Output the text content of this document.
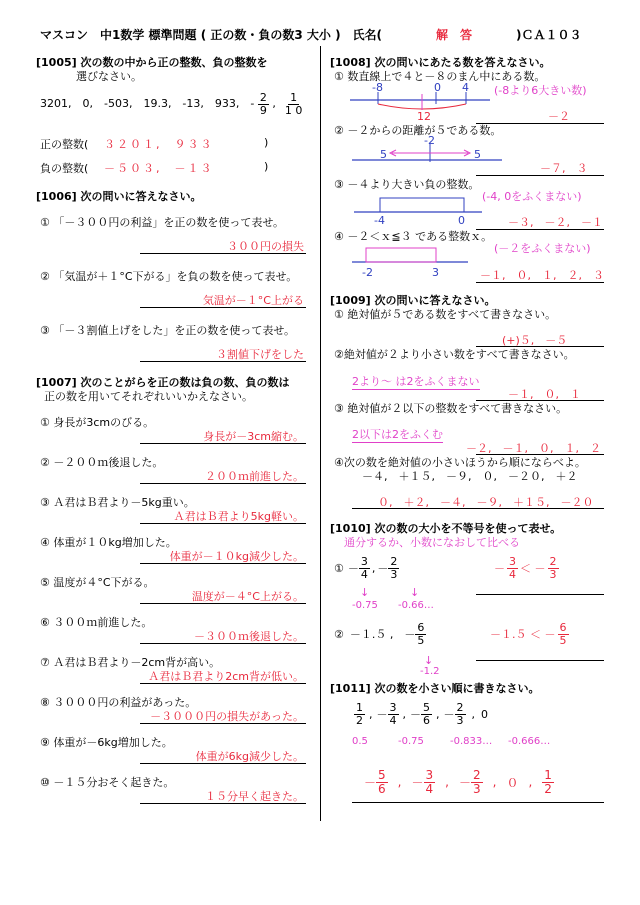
マスコン　中1数学 標準問題 ( 正の数・負の数3 大小 )　氏名(	解　答	)ＣＡ１０３
[1005] 次の数の中から正の整数、負の整数を
選びなさい。
3201,　0,　-503,　19.3,　-13,　933,　- $\frac{2}{9}$ , $\frac{1}{1 0}$
正の整数( ３２０１,　９３３	)
負の整数( －５０３,　－１３	)
[1006] 次の問いに答えなさい。
① 「－３００円の利益」を正の数を使って表せ。
３００円の損失
② 「気温が＋１°C下がる」を負の数を使って表せ。
気温が－１°C上がる
③ 「－３割値上げをした」を正の数を使って表せ。
３割値下げをした
[1007] 次のことがらを正の数は負の数、負の数は
正の数を用いてそれぞれいいかえなさい。
① 身長が3cmのびる。
身長が－3cm縮む。
② －２００ｍ後退した。
２００ｍ前進した。
③ Ａ君はＢ君より－5kg重い。
Ａ君はＢ君より5kg軽い。
④ 体重が１０kg増加した。
体重が－１０kg減少した。
⑤ 温度が４°C下がる。
温度が－４°C上がる。
⑥ ３００ｍ前進した。
－３００ｍ後退した。
⑦ Ａ君はＢ君より－2cm背が高い。
Ａ君はＢ君より2cm背が低い。
⑧ ３０００円の利益があった。
－３０００円の損失があった。
⑨ 体重が－6kg増加した。
体重が6kg減少した。
⑩ －１５分おそく起きた。
１５分早く起きた。
[1008] 次の問いにあたる数を答えなさい。
① 数直線上で４と－８のまん中にある数。
-8	0 4
12
(-8より6大きい数)
－２
② －２からの距離が５である数。
-2
5	5
－７,　３
③ －４より大きい負の整数。
-4	0
(-4, 0をふくまない)
－３,　－２,　－１
④ －２＜ｘ≦３ である整数ｘ。
-2	3
(－２をふくまない)
－１,　０,　１,　２,　３
[1009] 次の問いに答えなさい。
① 絶対値が５である数をすべて書きなさい。
(+)５,　－５
②絶対値が２より小さい数をすべて書きなさい。
2より～ は2をふくまない
－１,　０,　１
③ 絶対値が２以下の整数をすべて書きなさい。
2以下は2をふくむ
－２,　－１,　０,　１,　２
④次の数を絶対値の小さいほうから順にならべよ。
－４,　＋１５,　－９,　０,　－２０,　＋２
０,　＋２,　－４,　－９,　＋１５,　－２０
[1010] 次の数の大小を不等号を使って表せ。
通分するか、小数になおして比べる
① － $\frac{3}{4}$ , － $\frac{2}{3}$
↓	↓
-0.75 -0.66…
－ $\frac{3}{4}$ ＜ － $\frac{2}{3}$
② －１.５ ,　－ $\frac{6}{5}$
↓
-1.2
－１.５ ＜ － $\frac{6}{5}$
[1011] 次の数を小さい順に書きなさい。
$\frac{1}{2}$ , － $\frac{3}{4}$ , － $\frac{5}{6}$ , － $\frac{2}{3}$ , 0
0.5	-0.75	-0.833… -0.666…
－ $\frac{5}{6}$ , － $\frac{3}{4}$ , － $\frac{2}{3}$ , ０ , $\frac{1}{2}$
